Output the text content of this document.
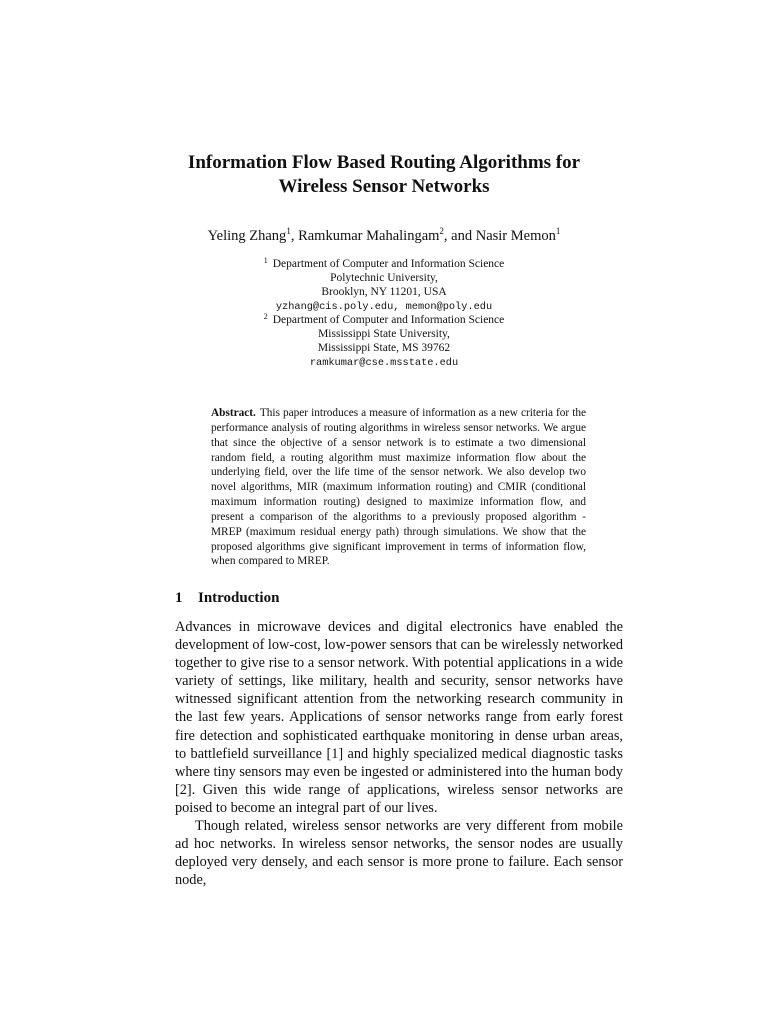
Information Flow Based Routing Algorithms for
Wireless Sensor Networks
Yeling Zhang$^1$, Ramkumar Mahalingam$^2$, and Nasir Memon$^1$
$^1$ Department of Computer and Information Science
Polytechnic University,
Brooklyn, NY 11201, USA
yzhang@cis.poly.edu, memon@poly.edu
$^2$ Department of Computer and Information Science
Mississippi State University,
Mississippi State, MS 39762
ramkumar@cse.msstate.edu
Abstract. This paper introduces a measure of information as a new criteria for the performance analysis of routing algorithms in wireless sensor networks. We argue that since the objective of a sensor network is to estimate a two dimensional random field, a routing algorithm must maximize information flow about the underlying field, over the life time of the sensor network. We also develop two novel algorithms, MIR (maximum information routing) and CMIR (conditional maximum information routing) designed to maximize information flow, and present a comparison of the algorithms to a previously proposed algorithm - MREP (maximum residual energy path) through simulations. We show that the proposed algorithms give significant improvement in terms of information flow, when compared to MREP.
1 Introduction

Advances in microwave devices and digital electronics have enabled the development of low-cost, low-power sensors that can be wirelessly networked together to give rise to a sensor network. With potential applications in a wide variety of settings, like military, health and security, sensor networks have witnessed significant attention from the networking research community in the last few years. Applications of sensor networks range from early forest fire detection and sophisticated earthquake monitoring in dense urban areas, to battlefield surveillance [1] and highly specialized medical diagnostic tasks where tiny sensors may even be ingested or administered into the human body [2]. Given this wide range of applications, wireless sensor networks are poised to become an integral part of our lives.

Though related, wireless sensor networks are very different from mobile ad hoc networks. In wireless sensor networks, the sensor nodes are usually deployed very densely, and each sensor is more prone to failure. Each sensor node,
